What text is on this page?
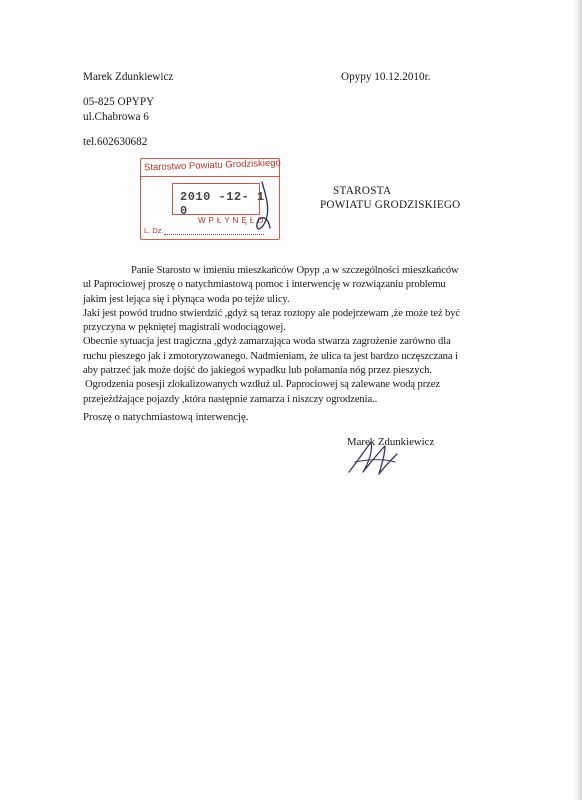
Marek Zdunkiewicz	Opypy 10.12.2010r.
05-825 OPYPY
ul.Chabrowa 6
tel.602630682
STAROSTA
POWIATU GRODZISKIEGO
Starostwo Powiatu Grodziskiego
2010 -12- 1 0
WPŁYNĘŁO
L. Dz.
Panie Starosto w imieniu mieszkańców Opyp ,a w szczególności mieszkańców
ul Paprociowej proszę o natychmiastową pomoc i interwencję w rozwiązaniu problemu
jakim jest lejąca się i płynąca woda po tejże ulicy.
Jaki jest powód trudno stwierdzić ,gdyż są teraz roztopy ale podejrzewam ,że może też być
przyczyna w pękniętej magistrali wodociągowej.
Obecnie sytuacja jest tragiczna ,gdyż zamarzająca woda stwarza zagrożenie zarówno dla
ruchu pieszego jak i zmotoryzowanego. Nadmieniam, że ulica ta jest bardzo uczęszczana i
aby patrzeć jak może dojść do jakiegoś wypadku lub połamania nóg przez pieszych.
Ogrodzenia posesji zlokalizowanych wzdłuż ul. Paprociowej są zalewane wodą przez
przejeżdżające pojazdy ,która następnie zamarza i niszczy ogrodzenia..
Proszę o natychmiastową interwencję.
Marek Zdunkiewicz
